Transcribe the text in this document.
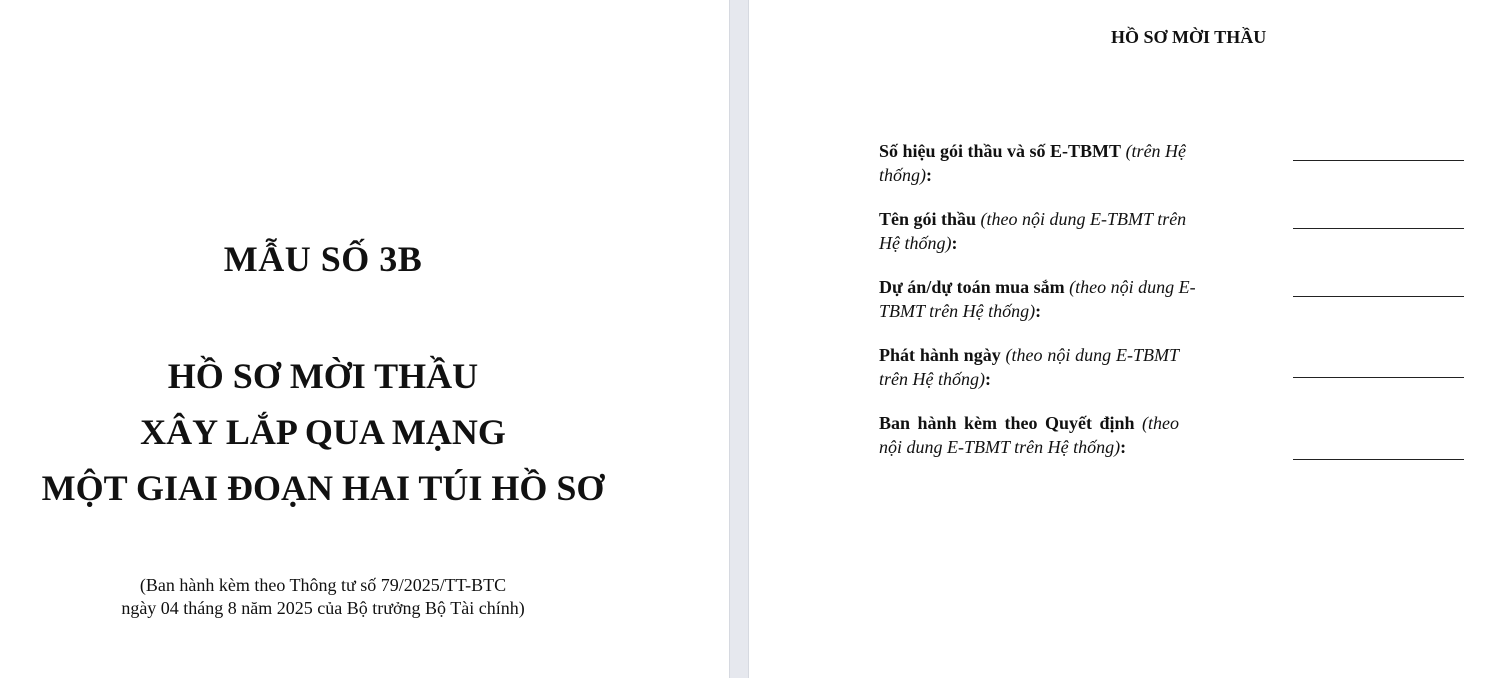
MẪU SỐ 3B
HỒ SƠ MỜI THẦU
XÂY LẮP QUA MẠNG
MỘT GIAI ĐOẠN HAI TÚI HỒ SƠ
(Ban hành kèm theo Thông tư số 79/2025/TT-BTC
ngày 04 tháng 8 năm 2025 của Bộ trưởng Bộ Tài chính)
HỒ SƠ MỜI THẦU
Số hiệu gói thầu và số E-TBMT (trên Hệ thống):
Tên gói thầu (theo nội dung E-TBMT trên Hệ thống):
Dự án/dự toán mua sắm (theo nội dung E-TBMT trên Hệ thống):
Phát hành ngày (theo nội dung E-TBMT trên Hệ thống):
Ban hành kèm theo Quyết định (theo nội dung E-TBMT trên Hệ thống):
